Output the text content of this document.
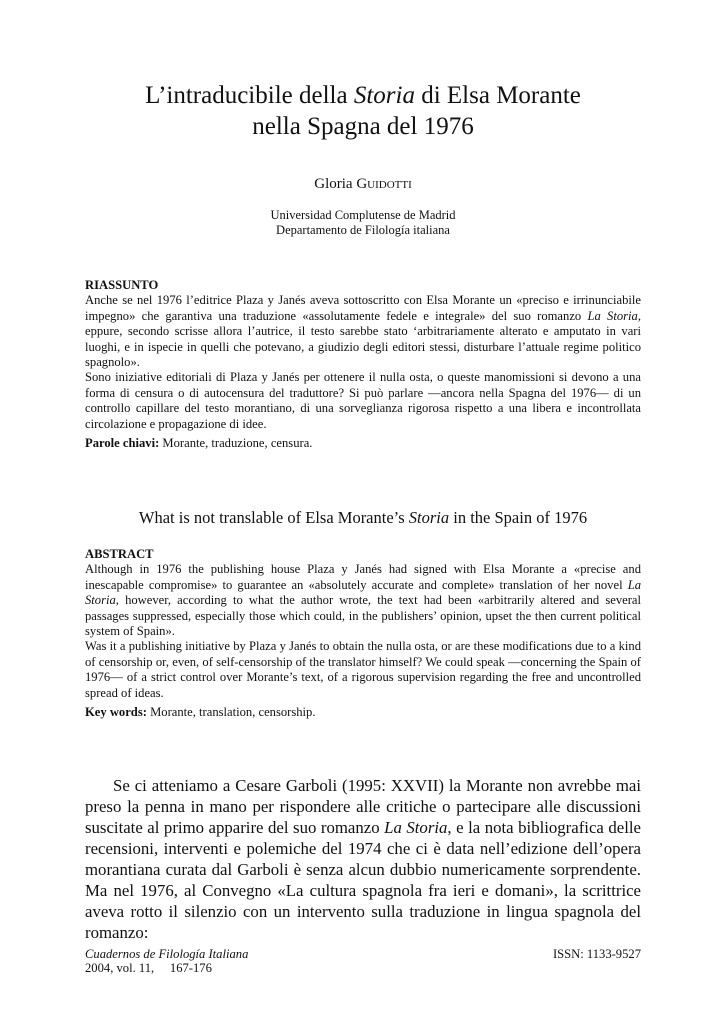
L’intraducibile della Storia di Elsa Morante
nella Spagna del 1976
Gloria Guidotti
Universidad Complutense de Madrid
Departamento de Filología italiana
RIASSUNTO

Anche se nel 1976 l’editrice Plaza y Janés aveva sottoscritto con Elsa Morante un «preciso e irrinunciabile impegno» che garantiva una traduzione «assolutamente fedele e integrale» del suo romanzo La Storia, eppure, secondo scrisse allora l’autrice, il testo sarebbe stato ‘arbitrariamente alterato e amputato in vari luoghi, e in ispecie in quelli che potevano, a giudizio degli editori stessi, disturbare l’attuale regime politico spagnolo».

Sono iniziative editoriali di Plaza y Janés per ottenere il nulla osta, o queste manomissioni si devono a una forma di censura o di autocensura del traduttore? Si può parlare —ancora nella Spagna del 1976— di un controllo capillare del testo morantiano, di una sorveglianza rigorosa rispetto a una libera e incontrollata circolazione e propagazione di idee.

Parole chiavi: Morante, traduzione, censura.

What is not translable of Elsa Morante’s Storia in the Spain of 1976
ABSTRACT

Although in 1976 the publishing house Plaza y Janés had signed with Elsa Morante a «precise and inescapable compromise» to guarantee an «absolutely accurate and complete» translation of her novel La Storia, however, according to what the author wrote, the text had been «arbitrarily altered and several passages suppressed, especially those which could, in the publishers’ opinion, upset the then current political system of Spain».

Was it a publishing initiative by Plaza y Janés to obtain the nulla osta, or are these modifications due to a kind of censorship or, even, of self-censorship of the translator himself? We could speak —concerning the Spain of 1976— of a strict control over Morante’s text, of a rigorous supervision regarding the free and uncontrolled spread of ideas.

Key words: Morante, translation, censorship.

Se ci atteniamo a Cesare Garboli (1995: XXVII) la Morante non avrebbe mai preso la penna in mano per rispondere alle critiche o partecipare alle discussioni suscitate al primo apparire del suo romanzo La Storia, e la nota bibliografica delle recensioni, interventi e polemiche del 1974 che ci è data nell’edizione dell’opera morantiana curata dal Garboli è senza alcun dubbio numericamente sorprendente. Ma nel 1976, al Convegno «La cultura spagnola fra ieri e domani», la scrittrice aveva rotto il silenzio con un intervento sulla traduzione in lingua spagnola del romanzo:

Cuadernos de Filología Italiana
2004, vol. 11,     167-176
ISSN: 1133-9527
